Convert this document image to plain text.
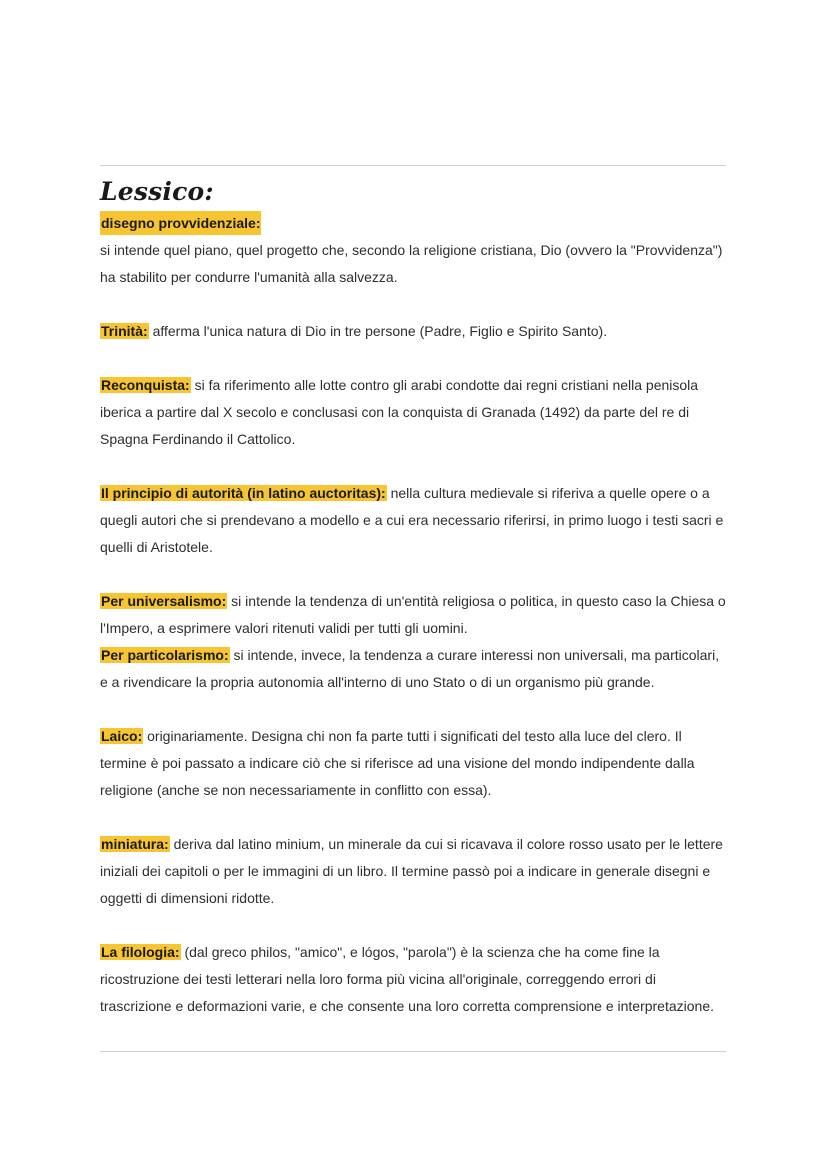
Lessico:
disegno provvidenziale:
si intende quel piano, quel progetto che, secondo la religione cristiana, Dio (ovvero la "Provvidenza") ha stabilito per condurre l'umanità alla salvezza.
Trinità: afferma l'unica natura di Dio in tre persone (Padre, Figlio e Spirito Santo).
Reconquista: si fa riferimento alle lotte contro gli arabi condotte dai regni cristiani nella penisola iberica a partire dal X secolo e conclusasi con la conquista di Granada (1492) da parte del re di Spagna Ferdinando il Cattolico.
Il principio di autorità (in latino auctoritas): nella cultura medievale si riferiva a quelle opere o a quegli autori che si prendevano a modello e a cui era necessario riferirsi, in primo luogo i testi sacri e quelli di Aristotele.
Per universalismo: si intende la tendenza di un'entità religiosa o politica, in questo caso la Chiesa o l'Impero, a esprimere valori ritenuti validi per tutti gli uomini.
Per particolarismo: si intende, invece, la tendenza a curare interessi non universali, ma particolari, e a rivendicare la propria autonomia all'interno di uno Stato o di un organismo più grande.
Laico: originariamente. Designa chi non fa parte tutti i significati del testo alla luce del clero. Il termine è poi passato a indicare ciò che si riferisce ad una visione del mondo indipendente dalla religione (anche se non necessariamente in conflitto con essa).
miniatura: deriva dal latino minium, un minerale da cui si ricavava il colore rosso usato per le lettere iniziali dei capitoli o per le immagini di un libro. Il termine passò poi a indicare in generale disegni e oggetti di dimensioni ridotte.
La filologia: (dal greco philos, "amico", e lógos, "parola") è la scienza che ha come fine la ricostruzione dei testi letterari nella loro forma più vicina all'originale, correggendo errori di trascrizione e deformazioni varie, e che consente una loro corretta comprensione e interpretazione.
